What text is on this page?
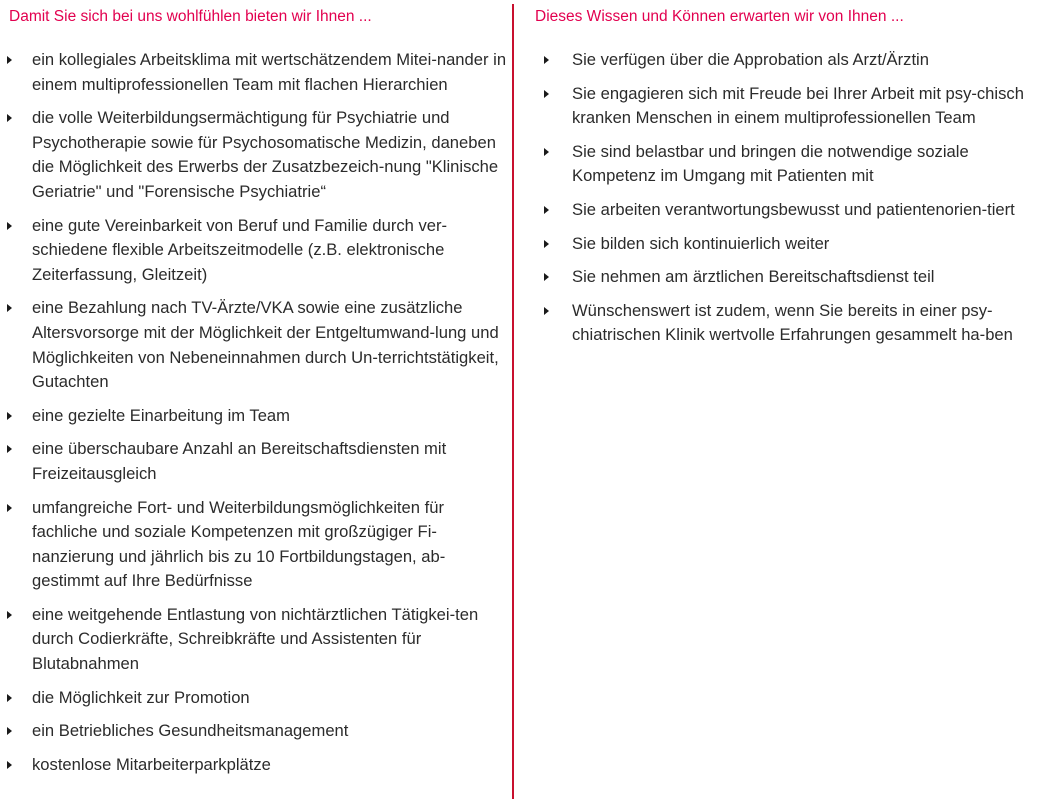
Damit Sie sich bei uns wohlfühlen bieten wir Ihnen ...
ein kollegiales Arbeitsklima mit wertschätzendem Mitei-nander in einem multiprofessionellen Team mit flachen Hierarchien
die volle Weiterbildungsermächtigung für Psychiatrie und Psychotherapie sowie für Psychosomatische Medizin, daneben die Möglichkeit des Erwerbs der Zusatzbezeich-nung "Klinische Geriatrie" und "Forensische Psychiatrie“
eine gute Vereinbarkeit von Beruf und Familie durch ver-schiedene flexible Arbeitszeitmodelle (z.B. elektronische Zeiterfassung, Gleitzeit)
eine Bezahlung nach TV-Ärzte/VKA sowie eine zusätzliche Altersvorsorge mit der Möglichkeit der Entgeltumwand-lung und Möglichkeiten von Nebeneinnahmen durch Un-terrichtstätigkeit, Gutachten
eine gezielte Einarbeitung im Team
eine überschaubare Anzahl an Bereitschaftsdiensten mit Freizeitausgleich
umfangreiche Fort- und Weiterbildungsmöglichkeiten für fachliche und soziale Kompetenzen mit großzügiger Fi-nanzierung und jährlich bis zu 10 Fortbildungstagen, ab-gestimmt auf Ihre Bedürfnisse
eine weitgehende Entlastung von nichtärztlichen Tätigkei-ten durch Codierkräfte, Schreibkräfte und Assistenten für Blutabnahmen
die Möglichkeit zur Promotion
ein Betriebliches Gesundheitsmanagement
kostenlose Mitarbeiterparkplätze
Dieses Wissen und Können erwarten wir von Ihnen ...
Sie verfügen über die Approbation als Arzt/Ärztin
Sie engagieren sich mit Freude bei Ihrer Arbeit mit psy-chisch kranken Menschen in einem multiprofessionellen Team
Sie sind belastbar und bringen die notwendige soziale Kompetenz im Umgang mit Patienten mit
Sie arbeiten verantwortungsbewusst und patientenorien-tiert
Sie bilden sich kontinuierlich weiter
Sie nehmen am ärztlichen Bereitschaftsdienst teil
Wünschenswert ist zudem, wenn Sie bereits in einer psy-chiatrischen Klinik wertvolle Erfahrungen gesammelt ha-ben
